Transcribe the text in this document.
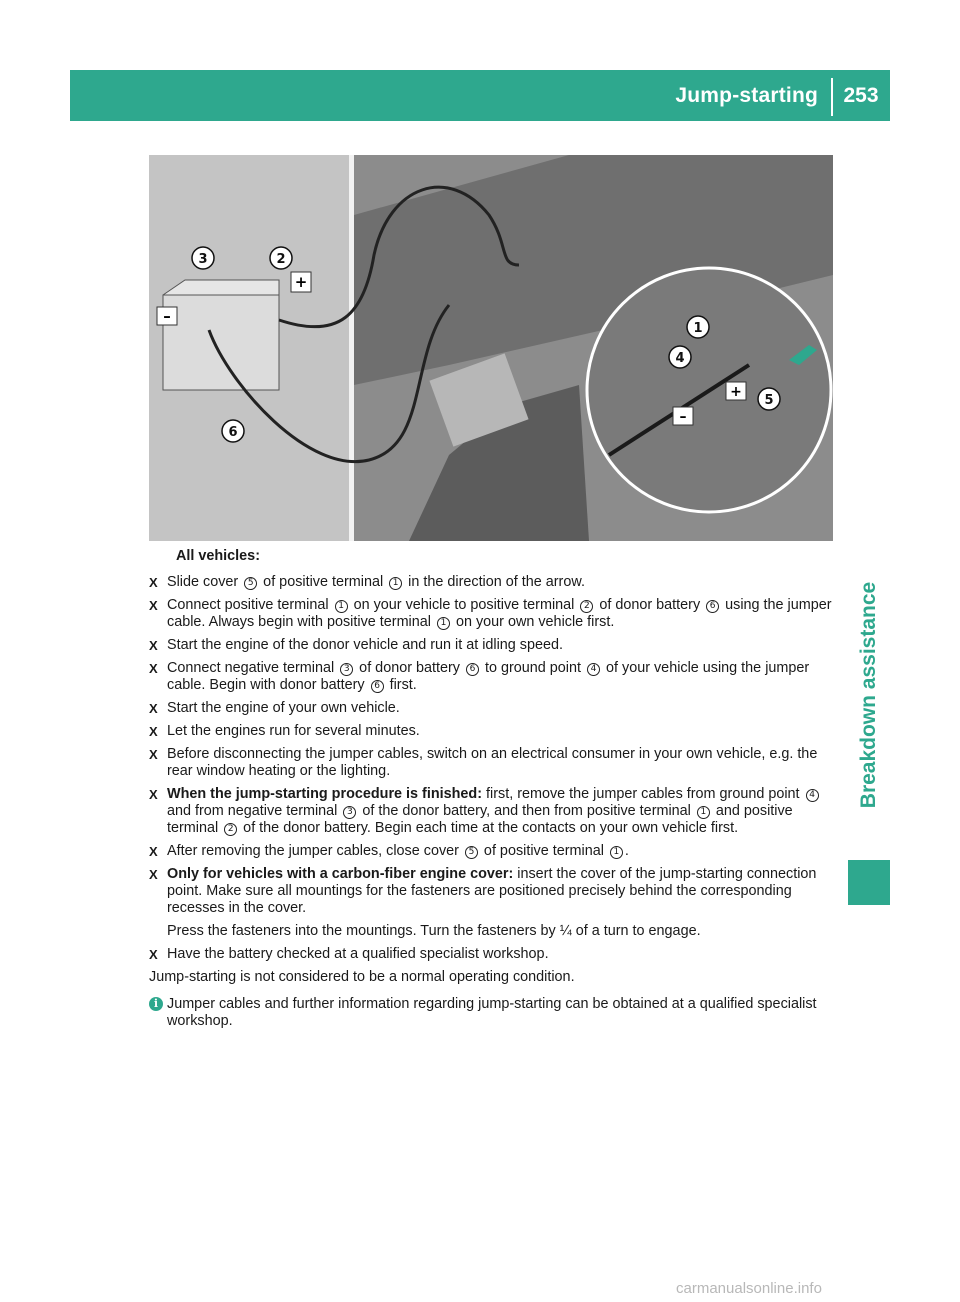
Jump-starting	253
Breakdown assistance
+
–
+
–
3	2
6
1
4
5
All vehicles:
X Slide cover 5 of positive terminal 1 in the direction of the arrow.
X Connect positive terminal 1 on your vehicle to positive terminal 2 of donor battery 6 using the jumper cable. Always begin with positive terminal 1 on your own vehicle first.
X Start the engine of the donor vehicle and run it at idling speed.
X Connect negative terminal 3 of donor battery 6 to ground point 4 of your vehicle using the jumper cable. Begin with donor battery 6 first.
X Start the engine of your own vehicle.
X Let the engines run for several minutes.
X Before disconnecting the jumper cables, switch on an electrical consumer in your own vehicle, e.g. the rear window heating or the lighting.
X When the jump-starting procedure is finished: first, remove the jumper cables from ground point 4 and from negative terminal 3 of the donor battery, and then from positive terminal 1 and positive terminal 2 of the donor battery. Begin each time at the contacts on your own vehicle first.
X After removing the jumper cables, close cover 5 of positive terminal 1 .
X Only for vehicles with a carbon-fiber engine cover: insert the cover of the jump-starting connection point. Make sure all mountings for the fasteners are positioned precisely behind the corresponding recesses in the cover.
Press the fasteners into the mountings. Turn the fasteners by ¼ of a turn to engage.
X Have the battery checked at a qualified specialist workshop.

Jump-starting is not considered to be a normal operating condition.

i Jumper cables and further information regarding jump-starting can be obtained at a qualified specialist workshop.
carmanualsonline.info
